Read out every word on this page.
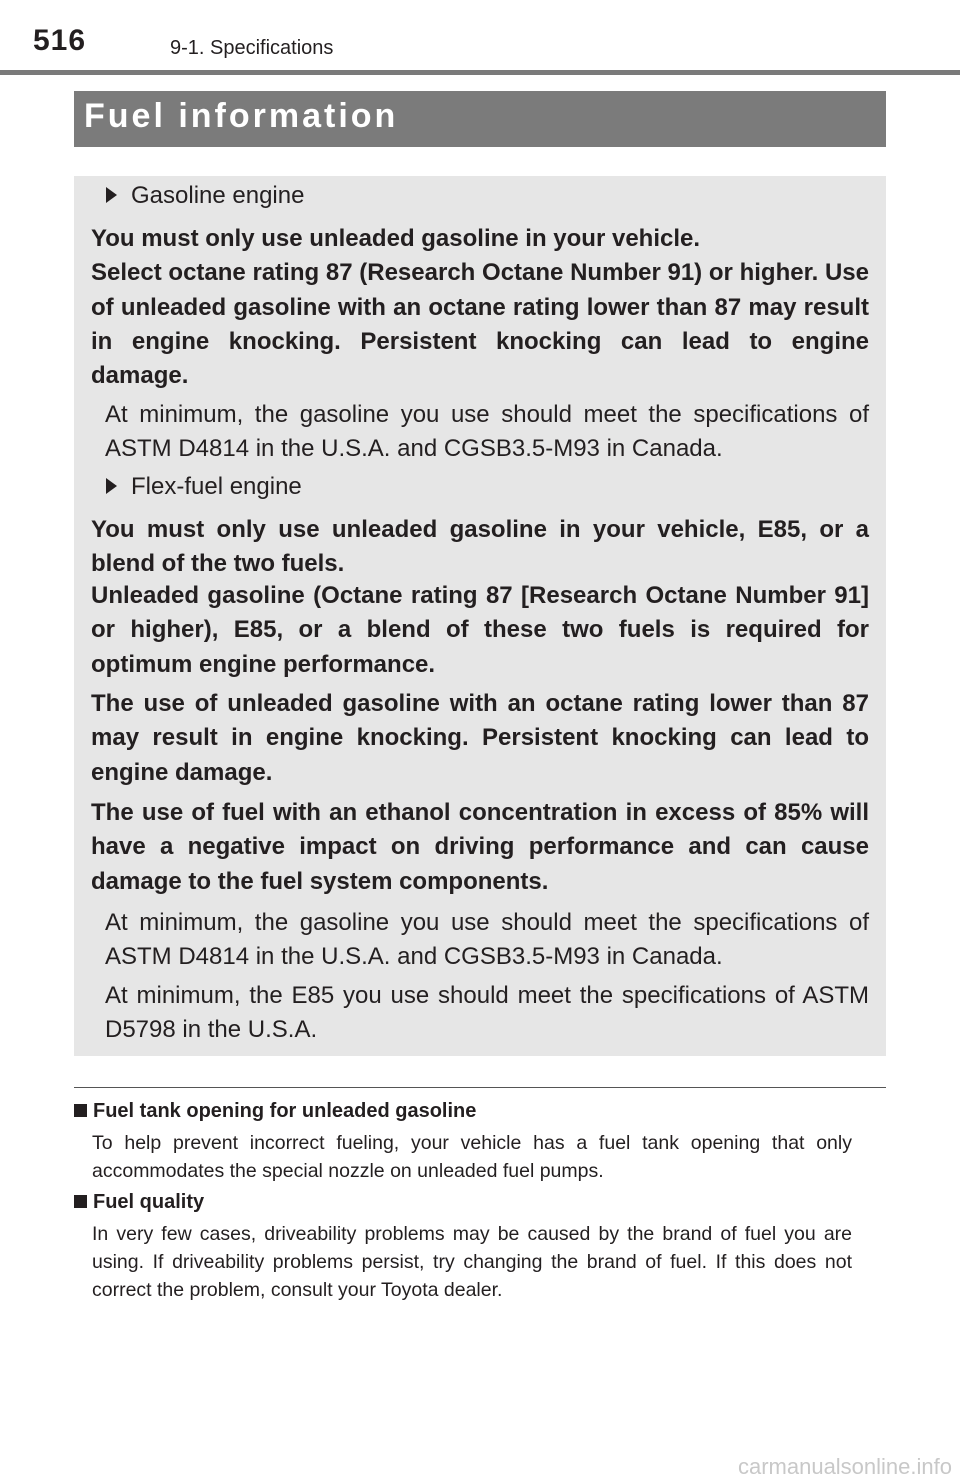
516	9-1. Specifications
Fuel information
Gasoline engine
You must only use unleaded gasoline in your vehicle.
Select octane rating 87 (Research Octane Number 91) or higher. Use of unleaded gasoline with an octane rating lower than 87 may result in engine knocking. Persistent knocking can lead to engine damage.
At minimum, the gasoline you use should meet the specifications of ASTM D4814 in the U.S.A. and CGSB3.5-M93 in Canada.
Flex-fuel engine
You must only use unleaded gasoline in your vehicle, E85, or a blend of the two fuels.
Unleaded gasoline (Octane rating 87 [Research Octane Number 91] or higher), E85, or a blend of these two fuels is required for optimum engine performance.
The use of unleaded gasoline with an octane rating lower than 87 may result in engine knocking. Persistent knocking can lead to engine damage.
The use of fuel with an ethanol concentration in excess of 85% will have a negative impact on driving performance and can cause damage to the fuel system components.
At minimum, the gasoline you use should meet the specifications of ASTM D4814 in the U.S.A. and CGSB3.5-M93 in Canada.
At minimum, the E85 you use should meet the specifications of ASTM D5798 in the U.S.A.
Fuel tank opening for unleaded gasoline
To help prevent incorrect fueling, your vehicle has a fuel tank opening that only accommodates the special nozzle on unleaded fuel pumps.
Fuel quality
In very few cases, driveability problems may be caused by the brand of fuel you are using. If driveability problems persist, try changing the brand of fuel. If this does not correct the problem, consult your Toyota dealer.
carmanualsonline.info
